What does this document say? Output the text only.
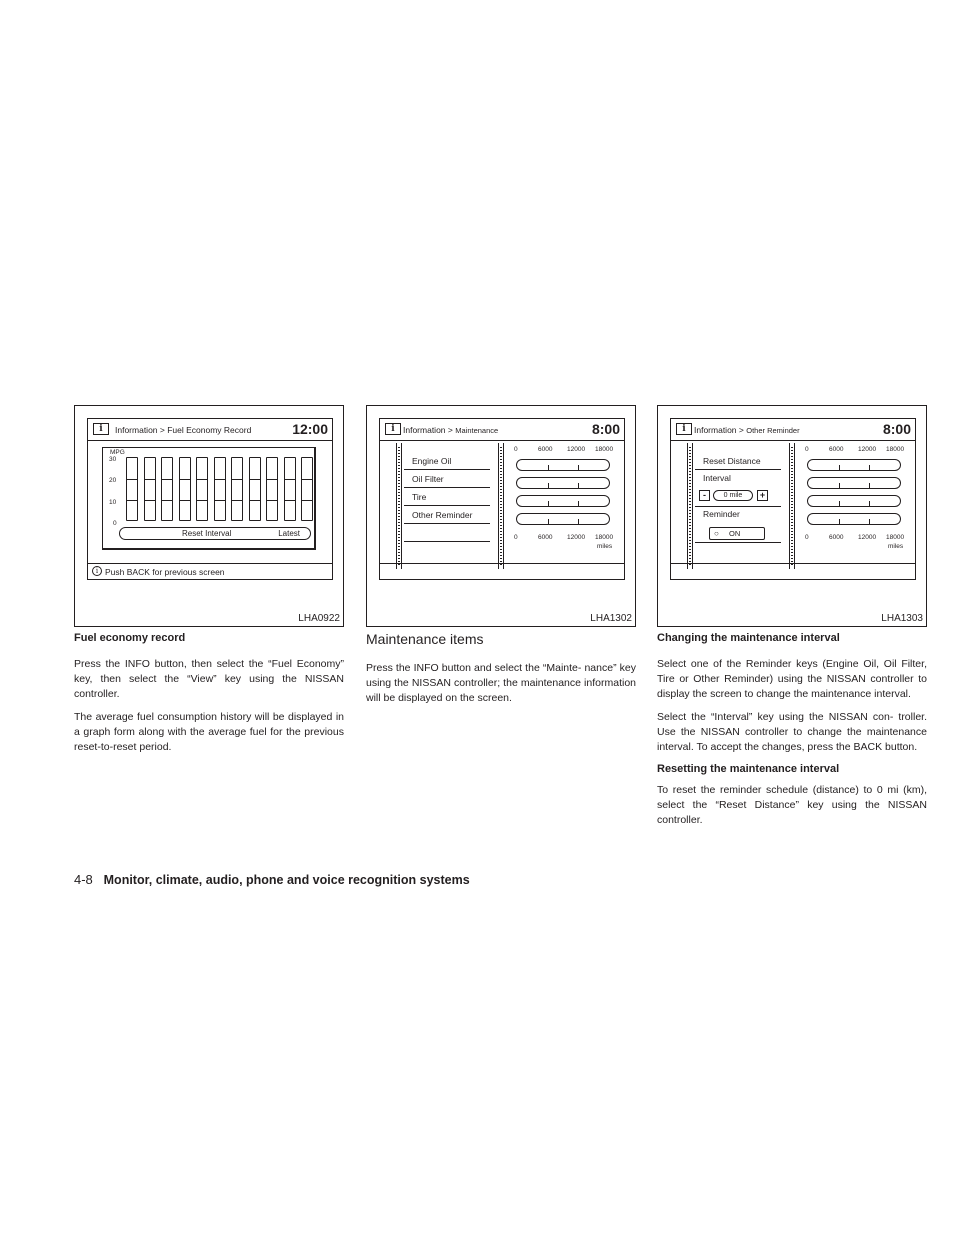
i	Information > Fuel Economy Record	12:00
MPG
30
20
10
0
Reset Interval	Latest
i Push BACK for previous screen
LHA0922
i Information > Maintenance	8:00
Engine Oil
Oil Filter
Tire
Other Reminder
0	6000 12000 18000
0	6000 12000 18000
miles
LHA1302
i Information > Other Reminder	8:00
Reset Distance
Interval
-	0 mile	+
Reminder
○ ON
0	6000 12000 18000
0	6000 12000 18000
miles
LHA1303
Fuel economy record

Press the INFO button, then select the “Fuel Economy” key, then select the “View” key using the NISSAN controller.

The average fuel consumption history will be displayed in a graph form along with the average fuel for the previous reset-to-reset period.

Maintenance items

Press the INFO button and select the “Mainte- nance” key using the NISSAN controller; the maintenance information will be displayed on the screen.

Changing the maintenance interval

Select one of the Reminder keys (Engine Oil, Oil Filter, Tire or Other Reminder) using the NISSAN controller to display the screen to change the maintenance interval.

Select the “Interval” key using the NISSAN con- troller. Use the NISSAN controller to change the maintenance interval. To accept the changes, press the BACK button.

Resetting the maintenance interval

To reset the reminder schedule (distance) to 0 mi (km), select the “Reset Distance” key using the NISSAN controller.

4-8 Monitor, climate, audio, phone and voice recognition systems
